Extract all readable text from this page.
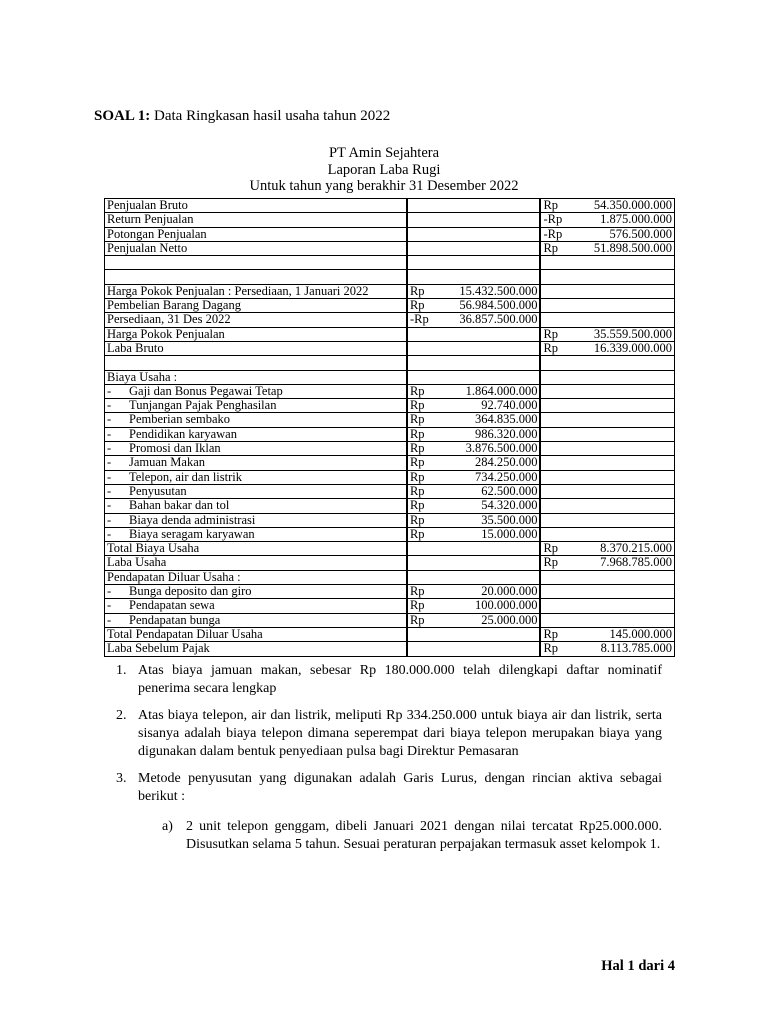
SOAL 1: Data Ringkasan hasil usaha tahun 2022
PT Amin Sejahtera
Laporan Laba Rugi
Untuk tahun yang berakhir 31 Desember 2022
Penjualan Bruto		Rp 54.350.000.000

Return Penjualan		-Rp 1.875.000.000

Potongan Penjualan		-Rp 576.500.000

Penjualan Netto		Rp 51.898.500.000

Harga Pokok Penjualan : Persediaan, 1 Januari 2022	Rp 15.432.500.000	

Pembelian Barang Dagang	Rp 56.984.500.000	

Persediaan, 31 Des 2022	-Rp 36.857.500.000	

Harga Pokok Penjualan		Rp 35.559.500.000

Laba Bruto		Rp 16.339.000.000

Biaya Usaha :	

- Gaji dan Bonus Pegawai Tetap	Rp 1.864.000.000	

- Tunjangan Pajak Penghasilan	Rp 92.740.000	

- Pemberian sembako	Rp 364.835.000	

- Pendidikan karyawan	Rp 986.320.000	

- Promosi dan Iklan	Rp 3.876.500.000	

- Jamuan Makan	Rp 284.250.000	

- Telepon, air dan listrik	Rp 734.250.000	

- Penyusutan	Rp 62.500.000	

- Bahan bakar dan tol	Rp 54.320.000	

- Biaya denda administrasi	Rp 35.500.000	

- Biaya seragam karyawan	Rp 15.000.000	

Total Biaya Usaha		Rp 8.370.215.000

Laba Usaha		Rp 7.968.785.000

Pendapatan Diluar Usaha :	

- Bunga deposito dan giro	Rp 20.000.000	

- Pendapatan sewa	Rp 100.000.000	

- Pendapatan bunga	Rp 25.000.000	

Total Pendapatan Diluar Usaha		Rp 145.000.000

Laba Sebelum Pajak		Rp 8.113.785.000
1. Atas biaya jamuan makan, sebesar Rp 180.000.000 telah dilengkapi daftar nominatif penerima secara lengkap
2. Atas biaya telepon, air dan listrik, meliputi Rp 334.250.000 untuk biaya air dan listrik, serta sisanya adalah biaya telepon dimana seperempat dari biaya telepon merupakan biaya yang digunakan dalam bentuk penyediaan pulsa bagi Direktur Pemasaran
3. Metode penyusutan yang digunakan adalah Garis Lurus, dengan rincian aktiva sebagai berikut :
a) 2 unit telepon genggam, dibeli Januari 2021 dengan nilai tercatat Rp25.000.000. Disusutkan selama 5 tahun. Sesuai peraturan perpajakan termasuk asset kelompok 1.
Hal 1 dari 4
